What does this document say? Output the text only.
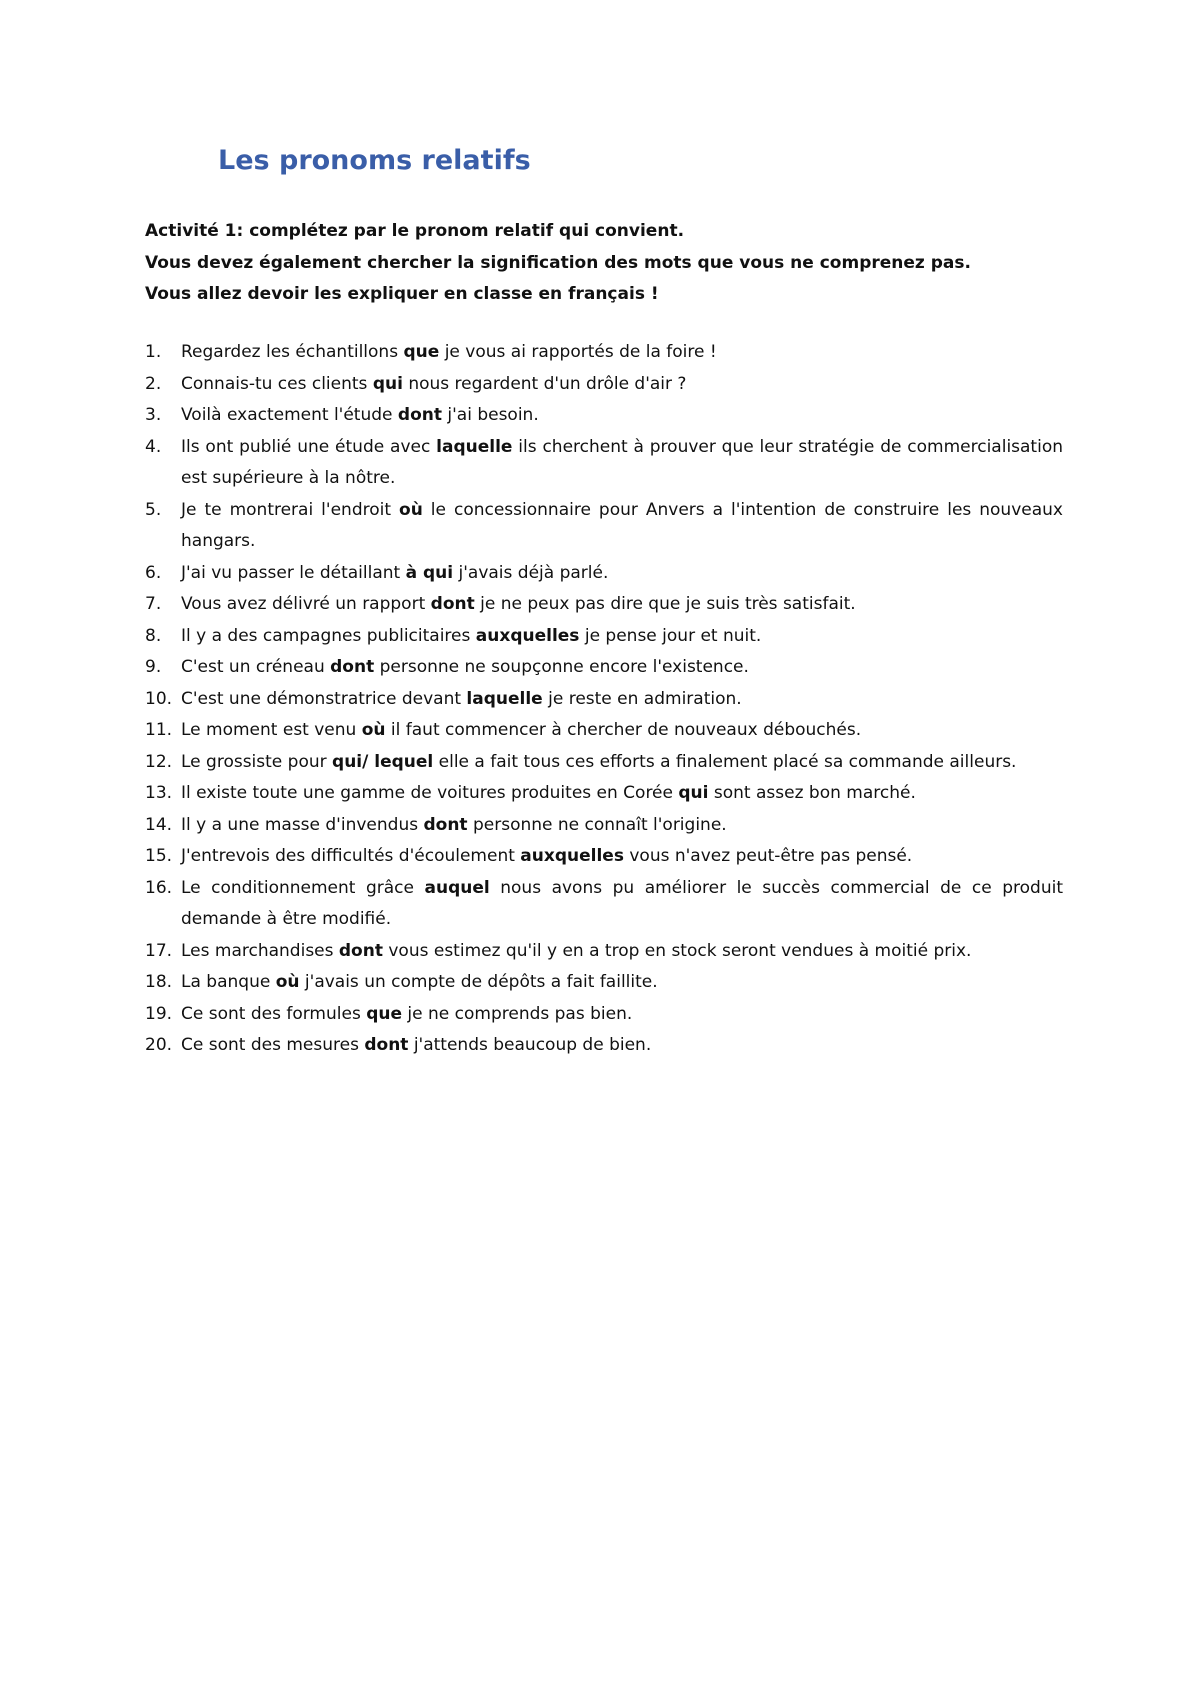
Les pronoms relatifs

Activité 1: complétez par le pronom relatif qui convient.

Vous devez également chercher la signification des mots que vous ne comprenez pas.

Vous allez devoir les expliquer en classe en français !

1. Regardez les échantillons que je vous ai rapportés de la foire !
2. Connais-tu ces clients qui nous regardent d'un drôle d'air ?
3. Voilà exactement l'étude dont j'ai besoin.
4. Ils ont publié une étude avec laquelle ils cherchent à prouver que leur stratégie de commercialisation est supérieure à la nôtre.
5. Je te montrerai l'endroit où le concessionnaire pour Anvers a l'intention de construire les nouveaux hangars.
6. J'ai vu passer le détaillant à qui j'avais déjà parlé.
7. Vous avez délivré un rapport dont je ne peux pas dire que je suis très satisfait.
8. Il y a des campagnes publicitaires auxquelles je pense jour et nuit.
9. C'est un créneau dont personne ne soupçonne encore l'existence.
10. C'est une démonstratrice devant laquelle je reste en admiration.
11. Le moment est venu où il faut commencer à chercher de nouveaux débouchés.
12. Le grossiste pour qui/ lequel elle a fait tous ces efforts a finalement placé sa commande ailleurs.
13. Il existe toute une gamme de voitures produites en Corée qui sont assez bon marché.
14. Il y a une masse d'invendus dont personne ne connaît l'origine.
15. J'entrevois des difficultés d'écoulement auxquelles vous n'avez peut-être pas pensé.
16. Le conditionnement grâce auquel nous avons pu améliorer le succès commercial de ce produit demande à être modifié.
17. Les marchandises dont vous estimez qu'il y en a trop en stock seront vendues à moitié prix.
18. La banque où j'avais un compte de dépôts a fait faillite.
19. Ce sont des formules que je ne comprends pas bien.
20. Ce sont des mesures dont j'attends beaucoup de bien.
